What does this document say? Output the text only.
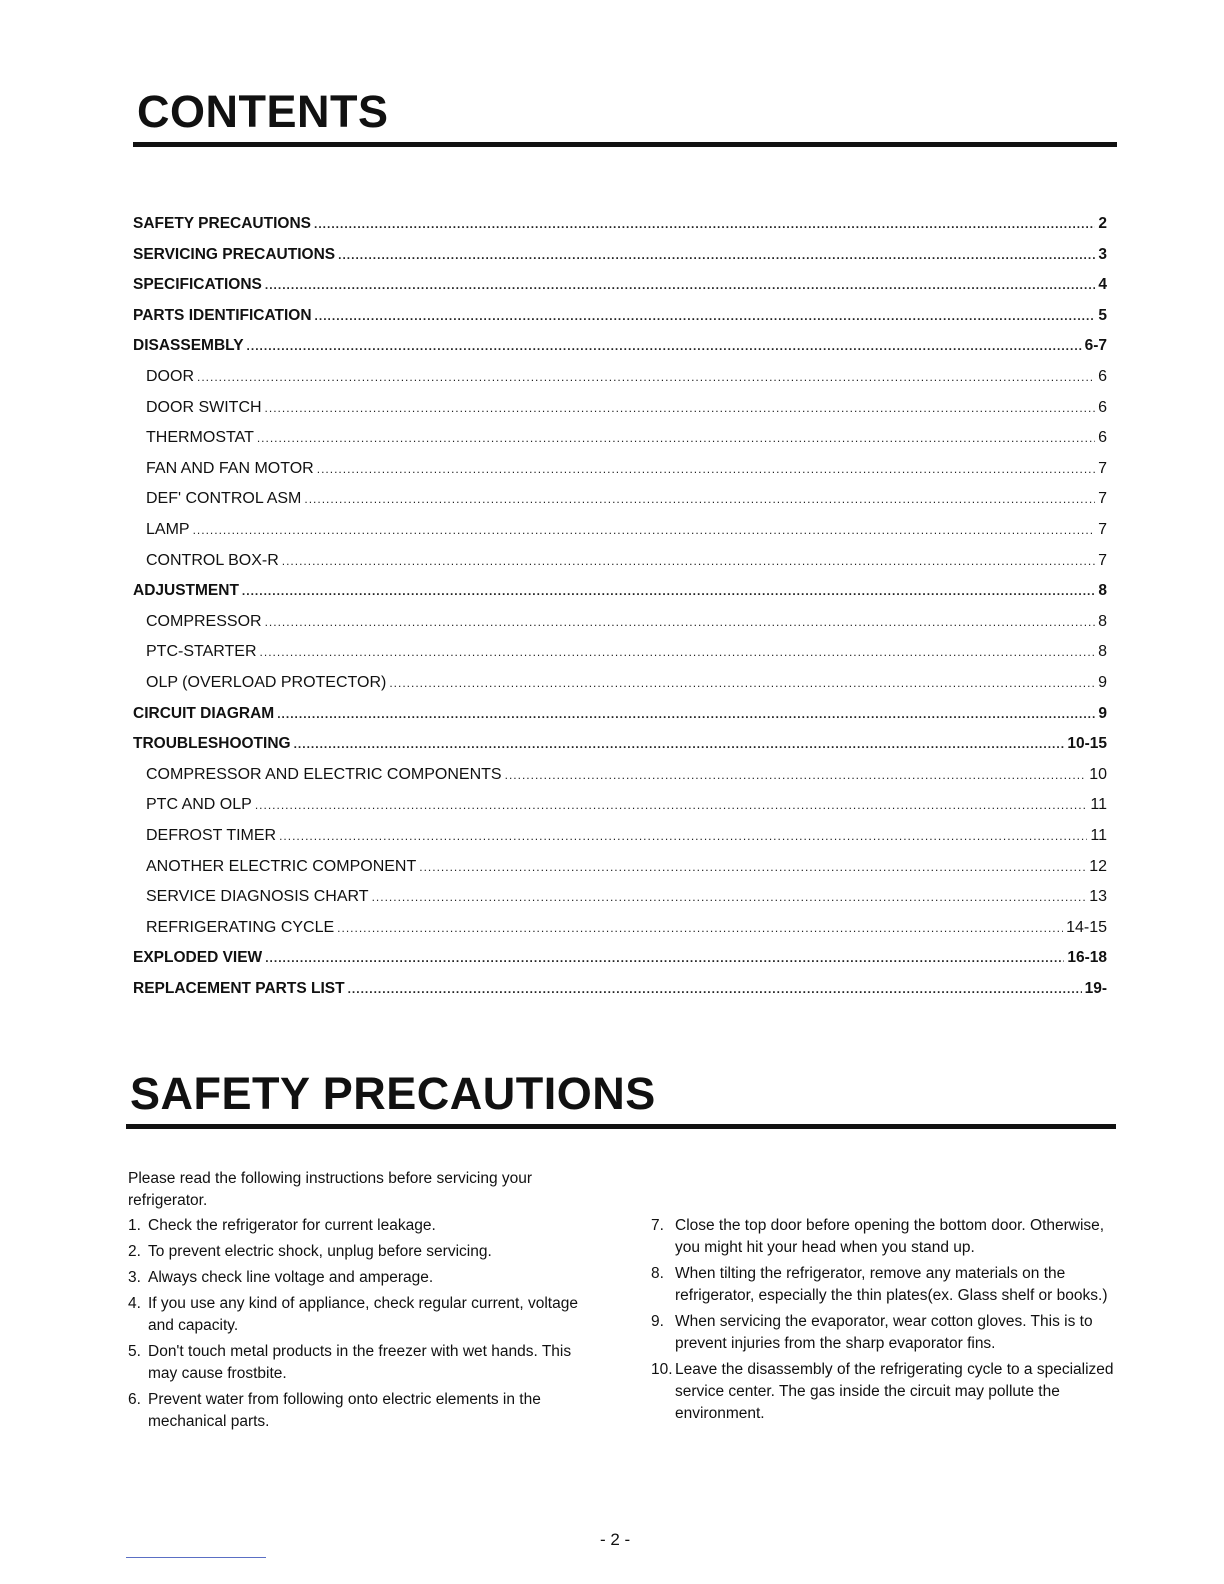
CONTENTS
SAFETY PRECAUTIONS .....	2
SERVICING PRECAUTIONS .....	3
SPECIFICATIONS .....	4
PARTS IDENTIFICATION .....	5
DISASSEMBLY .....	6-7
DOOR .....	6
DOOR SWITCH .....	6
THERMOSTAT .....	6
FAN AND FAN MOTOR .....	7
DEF' CONTROL ASM .....	7
LAMP .....	7
CONTROL BOX-R .....	7
ADJUSTMENT .....	8
COMPRESSOR .....	8
PTC-STARTER .....	8
OLP (OVERLOAD PROTECTOR) .....	9
CIRCUIT DIAGRAM .....	9
TROUBLESHOOTING .....	10-15
COMPRESSOR AND ELECTRIC COMPONENTS .....	10
PTC AND OLP .....	11
DEFROST TIMER .....	11
ANOTHER ELECTRIC COMPONENT .....	12
SERVICE DIAGNOSIS CHART .....	13
REFRIGERATING CYCLE .....	14-15
EXPLODED VIEW .....	16-18
REPLACEMENT PARTS LIST .....	19-
SAFETY PRECAUTIONS

Please read the following instructions before servicing your refrigerator.

1. Check the refrigerator for current leakage.
2. To prevent electric shock, unplug before servicing.
3. Always check line voltage and amperage.
4. If you use any kind of appliance, check regular current, voltage and capacity.
5. Don't touch metal products in the freezer with wet hands. This may cause frostbite.
6. Prevent water from following onto electric elements in the mechanical parts.
7. Close the top door before opening the bottom door. Otherwise, you might hit your head when you stand up.
8. When tilting the refrigerator, remove any materials on the refrigerator, especially the thin plates(ex. Glass shelf or books.)
9. When servicing the evaporator, wear cotton gloves. This is to prevent injuries from the sharp evaporator fins.
10. Leave the disassembly of the refrigerating cycle to a specialized service center. The gas inside the circuit may pollute the environment.
- 2 -
